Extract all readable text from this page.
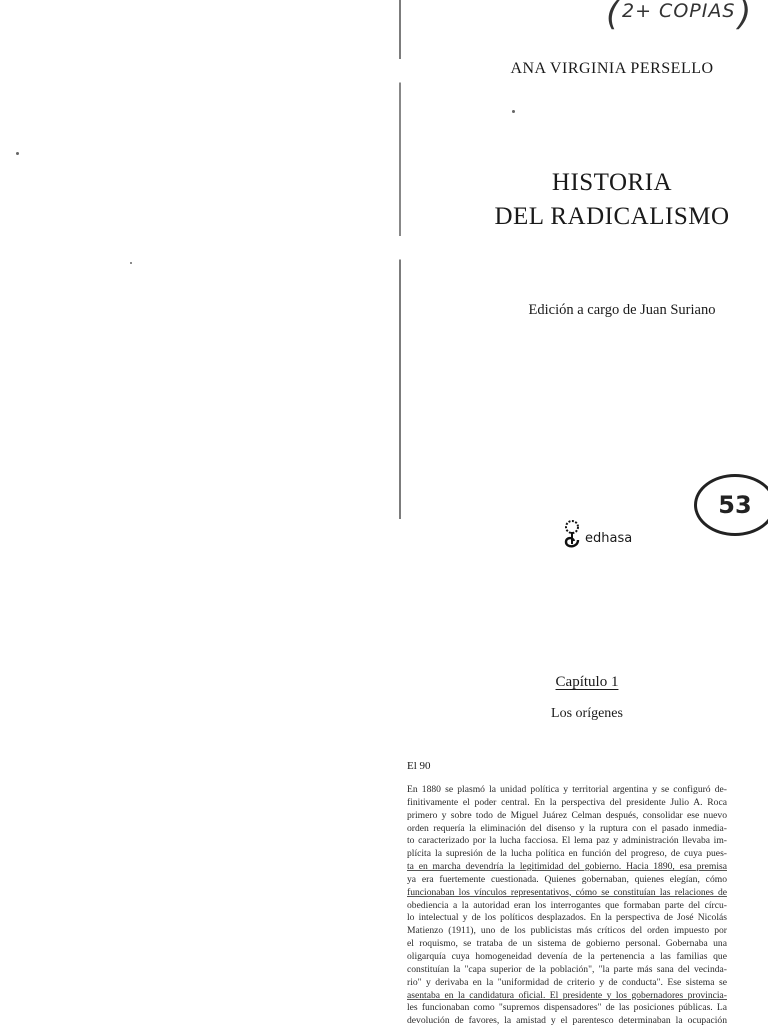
( 2+ COPIAS )
ANA VIRGINIA PERSELLO
HISTORIA
DEL RADICALISMO
Edición a cargo de Juan Suriano
Capítulo 1
Los orígenes
El 90
En 1880 se plasmó la unidad política y territorial argentina y se configuró de-
finitivamente el poder central. En la perspectiva del presidente Julio A. Roca
primero y sobre todo de Miguel Juárez Celman después, consolidar ese nuevo
orden requería la eliminación del disenso y la ruptura con el pasado inmedia-
to caracterizado por la lucha facciosa. El lema paz y administración llevaba im-
plícita la supresión de la lucha política en función del progreso, de cuya pues-
ta en marcha devendría la legitimidad del gobierno. Hacia 1890, esa premisa
ya era fuertemente cuestionada. Quienes gobernaban, quienes elegían, cómo
funcionaban los vínculos representativos, cómo se constituían las relaciones de
obediencia a la autoridad eran los interrogantes que formaban parte del círcu-
lo intelectual y de los políticos desplazados. En la perspectiva de José Nicolás
Matienzo (1911), uno de los publicistas más críticos del orden impuesto por
el roquismo, se trataba de un sistema de gobierno personal. Gobernaba una
oligarquía cuya homogeneidad devenía de la pertenencia a las familias que
constituían la "capa superior de la población", "la parte más sana del vecinda-
rio" y derivaba en la "uniformidad de criterio y de conducta". Ese sistema se
asentaba en la candidatura oficial. El presidente y los gobernadores provincia-
les funcionaban como "supremos dispensadores" de las posiciones públicas. La
devolución de favores, la amistad y el parentesco determinaban la ocupación
53
edhasa
